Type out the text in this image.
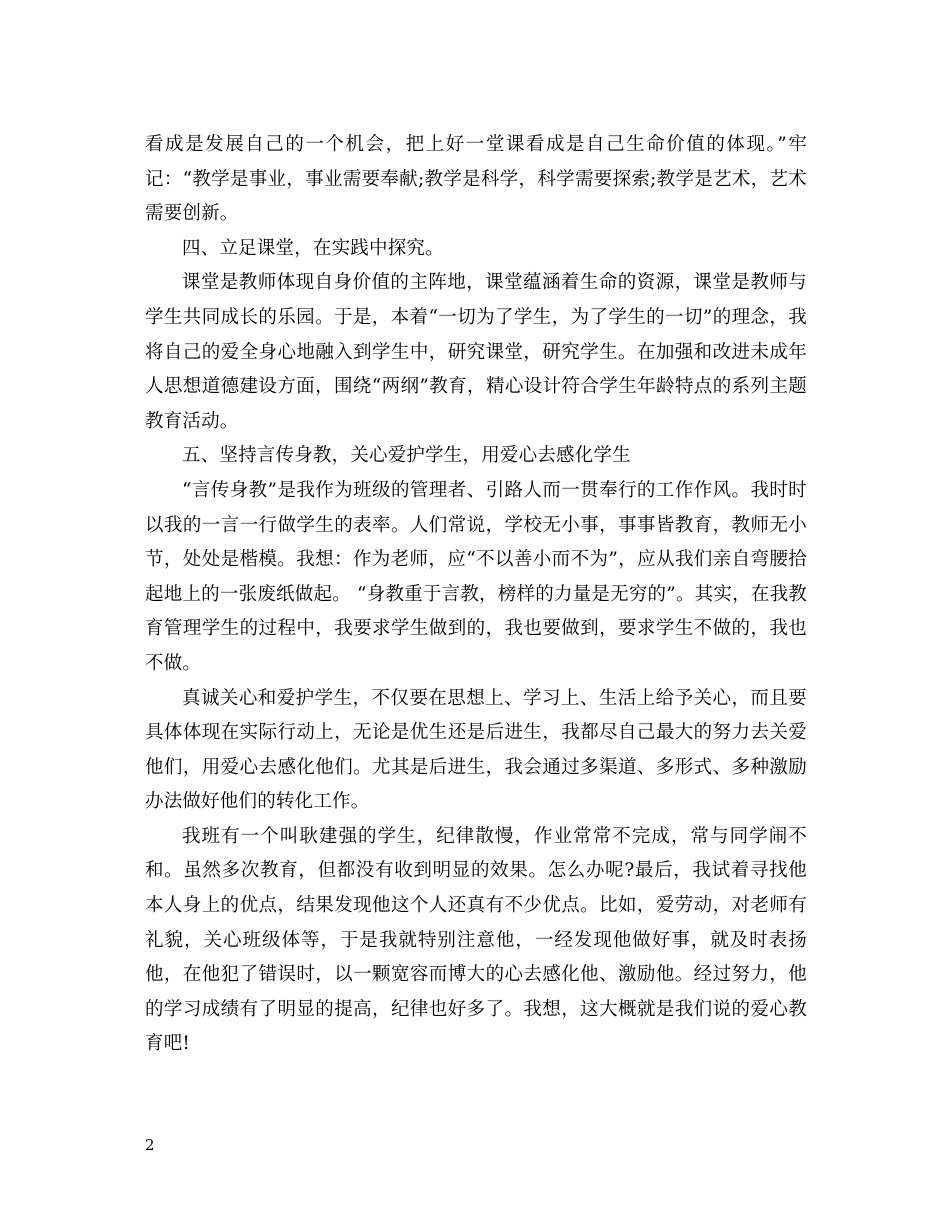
看成是发展自己的一个机会，把上好一堂课看成是自己生命价值的体现。”牢记：“教学是事业，事业需要奉献;教学是科学，科学需要探索;教学是艺术，艺术需要创新。

四、立足课堂，在实践中探究。

课堂是教师体现自身价值的主阵地，课堂蕴涵着生命的资源，课堂是教师与学生共同成长的乐园。于是，本着“一切为了学生，为了学生的一切”的理念，我将自己的爱全身心地融入到学生中，研究课堂，研究学生。在加强和改进未成年人思想道德建设方面，围绕“两纲”教育，精心设计符合学生年龄特点的系列主题教育活动。

五、坚持言传身教，关心爱护学生，用爱心去感化学生

“言传身教”是我作为班级的管理者、引路人而一贯奉行的工作作风。我时时以我的一言一行做学生的表率。人们常说，学校无小事，事事皆教育，教师无小节，处处是楷模。我想：作为老师，应“不以善小而不为”，应从我们亲自弯腰拾起地上的一张废纸做起。 “身教重于言教，榜样的力量是无穷的”。其实，在我教育管理学生的过程中，我要求学生做到的，我也要做到，要求学生不做的，我也不做。

真诚关心和爱护学生，不仅要在思想上、学习上、生活上给予关心，而且要具体体现在实际行动上，无论是优生还是后进生，我都尽自己最大的努力去关爱他们，用爱心去感化他们。尤其是后进生，我会通过多渠道、多形式、多种激励办法做好他们的转化工作。

我班有一个叫耿建强的学生，纪律散慢，作业常常不完成，常与同学闹不和。虽然多次教育，但都没有收到明显的效果。怎么办呢?最后，我试着寻找他本人身上的优点，结果发现他这个人还真有不少优点。比如，爱劳动，对老师有礼貌，关心班级体等，于是我就特别注意他，一经发现他做好事，就及时表扬他，在他犯了错误时，以一颗宽容而博大的心去感化他、激励他。经过努力，他的学习成绩有了明显的提高，纪律也好多了。我想，这大概就是我们说的爱心教育吧!

2
